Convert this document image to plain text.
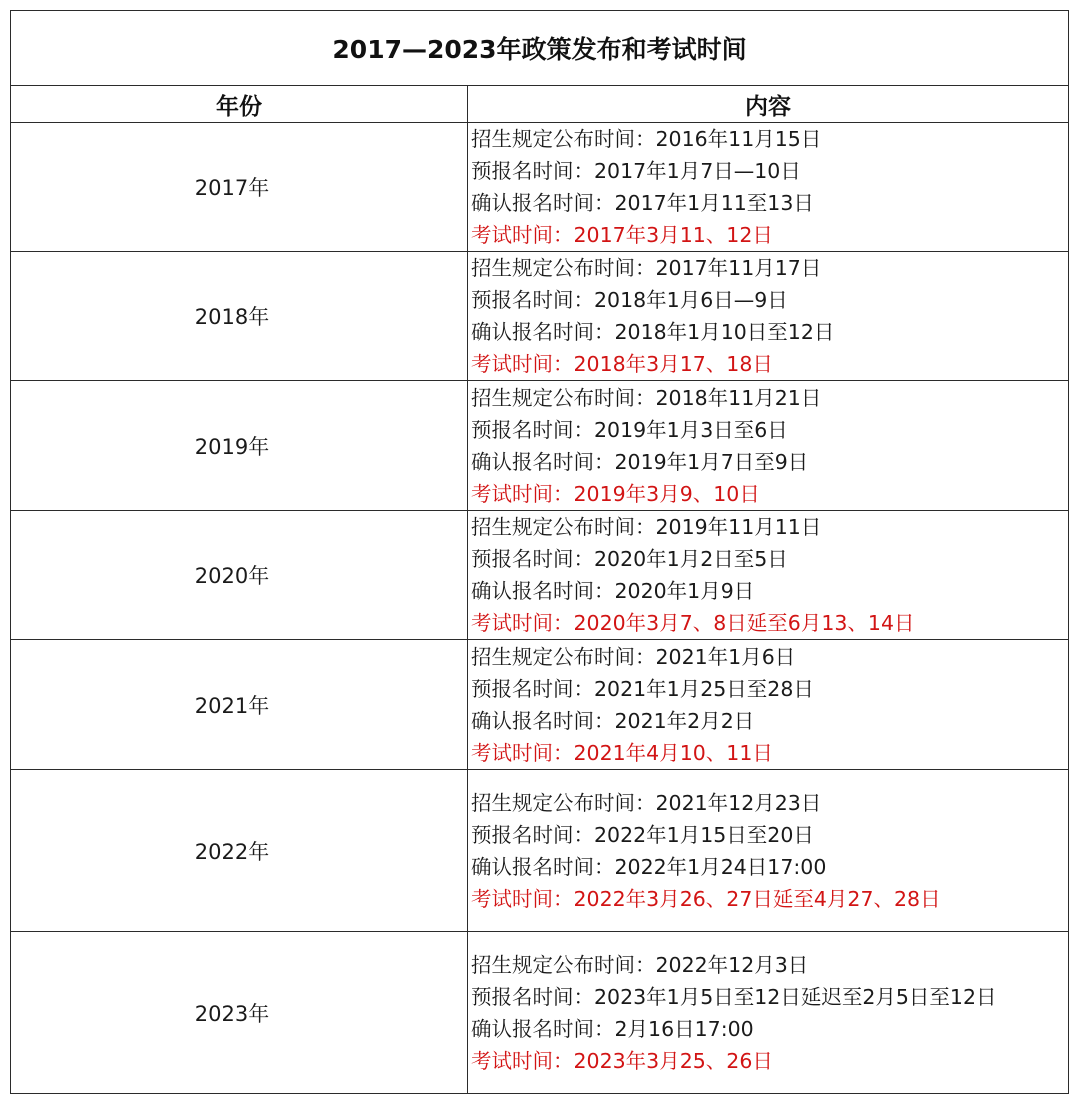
2017—2023年政策发布和考试时间	
年份	内容
2017年	招生规定公布时间：2016年11月15日
预报名时间：2017年1月7日—10日
确认报名时间：2017年1月11至13日
考试时间：2017年3月11、12日

2018年	招生规定公布时间：2017年11月17日
预报名时间：2018年1月6日—9日
确认报名时间：2018年1月10日至12日
考试时间：2018年3月17、18日

2019年	招生规定公布时间：2018年11月21日
预报名时间：2019年1月3日至6日
确认报名时间：2019年1月7日至9日
考试时间：2019年3月9、10日

2020年	招生规定公布时间：2019年11月11日
预报名时间：2020年1月2日至5日
确认报名时间：2020年1月9日
考试时间：2020年3月7、8日延至6月13、14日

2021年	招生规定公布时间：2021年1月6日
预报名时间：2021年1月25日至28日
确认报名时间：2021年2月2日
考试时间：2021年4月10、11日

2022年	招生规定公布时间：2021年12月23日
预报名时间：2022年1月15日至20日
确认报名时间：2022年1月24日17:00
考试时间：2022年3月26、27日延至4月27、28日

2023年	招生规定公布时间：2022年12月3日
预报名时间：2023年1月5日至12日延迟至2月5日至12日
确认报名时间：2月16日17:00
考试时间：2023年3月25、26日
